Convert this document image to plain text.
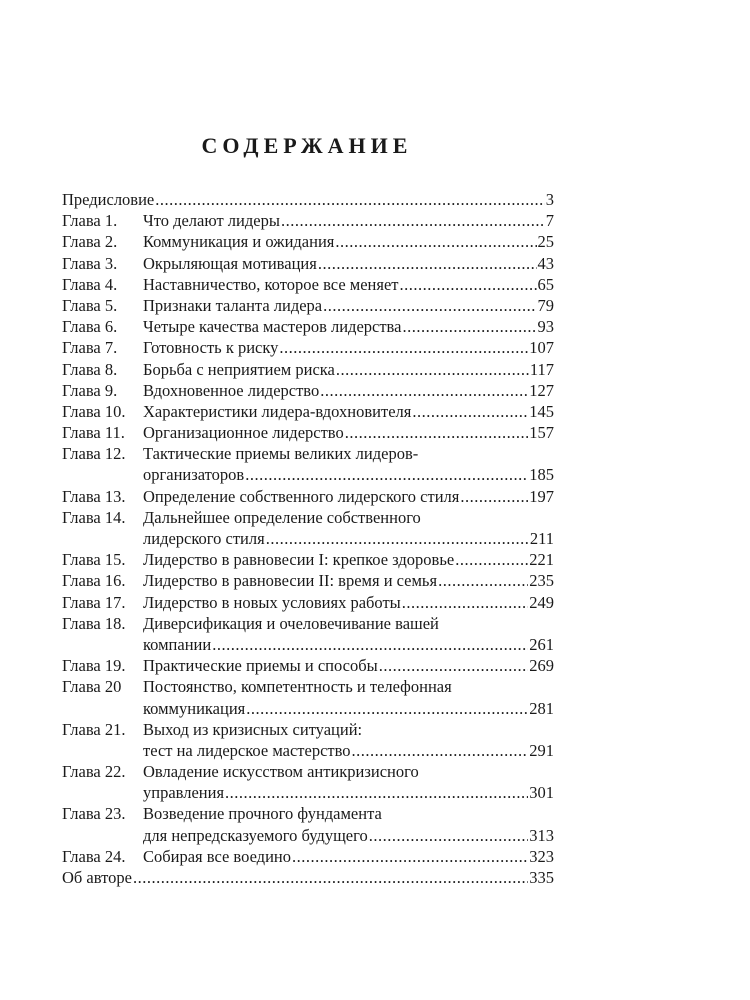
СОДЕРЖАНИЕ
Предисловие .....	3
Глава 1.	Что делают лидеры .....	7
Глава 2.	Коммуникация и ожидания .....	25
Глава 3.	Окрыляющая мотивация .....	43
Глава 4.	Наставничество, которое все меняет .....	65
Глава 5.	Признаки таланта лидера .....	79
Глава 6.	Четыре качества мастеров лидерства .....	93
Глава 7.	Готовность к риску .....	107
Глава 8.	Борьба с неприятием риска .....	117
Глава 9.	Вдохновенное лидерство .....	127
Глава 10.	Характеристики лидера-вдохновителя .....	145
Глава 11.	Организационное лидерство .....	157
Глава 12.	Тактические приемы великих лидеров-
организаторов .....	185
Глава 13.	Определение собственного лидерского стиля .....	197
Глава 14.	Дальнейшее определение собственного
лидерского стиля .....	211
Глава 15.	Лидерство в равновесии I: крепкое здоровье .....	221
Глава 16.	Лидерство в равновесии II: время и семья .....	235
Глава 17.	Лидерство в новых условиях работы .....	249
Глава 18.	Диверсификация и очеловечивание вашей
компании .....	261
Глава 19.	Практические приемы и способы .....	269
Глава 20	Постоянство, компетентность и телефонная
коммуникация .....	281
Глава 21.	Выход из кризисных ситуаций:
тест на лидерское мастерство .....	291
Глава 22.	Овладение искусством антикризисного
управления .....	301
Глава 23.	Возведение прочного фундамента
для непредсказуемого будущего .....	313
Глава 24.	Собирая все воедино .....	323
Об авторе .....	335
